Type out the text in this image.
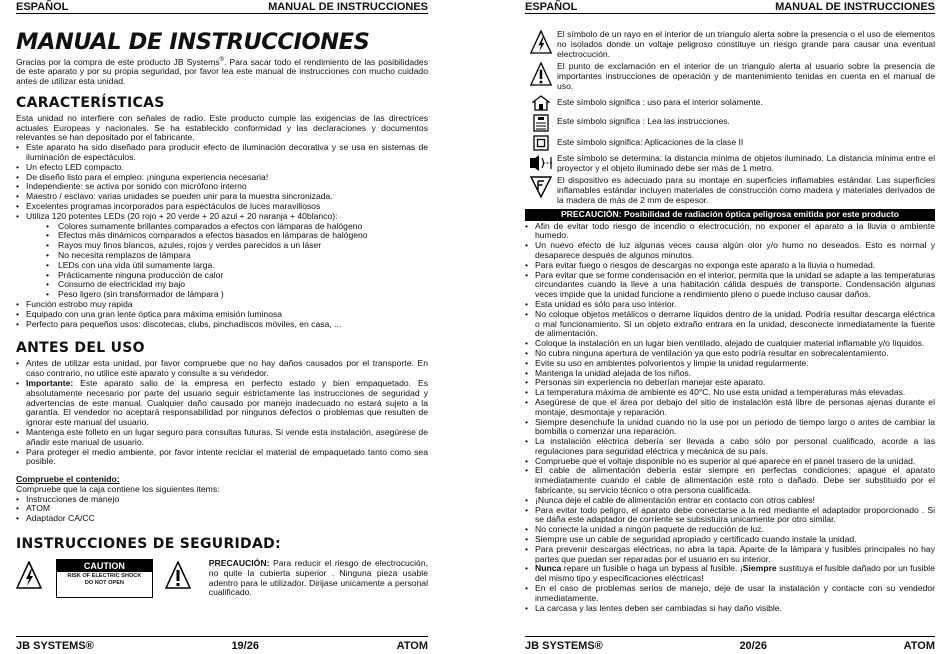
ESPAÑOL	MANUAL DE INSTRUCCIONES
MANUAL DE INSTRUCCIONES

Gracias por la compra de este producto JB Systems®. Para sacar todo el rendimiento de las posibilidades de este aparato y por su propia seguridad, por favor lea este manual de instrucciones con mucho cuidado antes de utilizar esta unidad.

CARACTERÍSTICAS

Esta unidad no interfiere con señales de radio. Este producto cumple las exigencias de las directrices actuales Europeas y nacionales. Se ha establecido conformidad y las declaraciones y documentos relevantes se han depositado por el fabricante.

• Este aparato ha sido diseñado para producir efecto de iluminación decorativa y se usa en sistemas de iluminación de espectáculos.
• Un efecto LED compacto.
• De diseño listo para el empleo: ¡ninguna experiencia necesaria!
• Independiente: se activa por sonido con micrófono interno
• Maestro / esclavo: varias unidades se pueden unir para la muestra sincronizada.
• Excelentes programas incorporados para espectáculos de luces maravillosos
• Utiliza 120 potentes LEDs (20 rojo + 20 verde + 20 azul + 20 naranja + 40blanco):
• Colores sumamente brillantes comparados a efectos con lámparas de halógeno
• Efectos más dinámicos comparados a efectos basados en lámparas de halógeno
• Rayos muy finos blancos, azules, rojos y verdes parecidos a un láser
• No necesita remplazos de lámpara
• LEDs con una vida útil sumamente larga.
• Prácticamente ninguna producción de calor
• Consumo de electricidad my bajo
• Peso ligero (sin transformador de lámpara )
• Función estrobo muy rapida
• Equipado con una gran lente óptica para máxima emisión luminosa
• Perfecto para pequeños usos: discotecas, clubs, pinchadiscos móviles, en casa, ...
ANTES DEL USO
• Antes de utilizar esta unidad, por favor compruebe que no hay daños causados por el transporte. En caso contrario, no utilice este aparato y consulte a su vendedor.
• Importante: Este aparato salio de la empresa en perfecto estado y bien empaquetado. Es absolutamente necesario por parte del usuario seguir estrictamente las instrucciones de seguridad y advertencias de este manual. Cualquier daño causado por manejo inadecuado no estará sujeto a la garantía. El vendedor no aceptará responsabilidad por ningunos defectos o problemas que resulten de ignorar este manual del usuario.
• Mantenga este folleto en un lugar seguro para consultas futuras. Si vende esta instalación, asegúrese de añadir este manual de usuario.
• Para proteger el medio ambiente, por favor intente reciclar el material de empaquetado tanto como sea posible.

Compruebe el contenido:

Compruebe que la caja contiene los siguientes items:

• Instrucciones de manejo
• ATOM
• Adaptador CA/CC
INSTRUCCIONES DE SEGURIDAD:
CAUTION
RISK OF ELECTRIC SHOCK
DO NOT OPEN

PRECAUCIÓN: Para reducir el riesgo de electrocución, no quite la cubierta superior . Ninguna pieza usable adentro para le utilizador. Dirijase unicamente a personal cualificado.

JB SYSTEMS®	19/26	ATOM
ESPAÑOL	MANUAL DE INSTRUCCIONES
El símbolo de un rayo en el interior de un triangulo alerta sobre la presencia o el uso de elementos no isolados donde un voltaje peligroso constituye un riesgo grande para causar una eventual electrocución.
El punto de exclamación en el interior de un triangulo alerta al usuario sobre la presencia de importantes instrucciones de operación y de mantenimiento tenidas en cuenta en el manual de uso.
Este símbolo significa : uso para el interior solamente.
Este símbolo significa : Lea las instrucciones.
Este símbolo significa: Aplicaciones de la clase II
Este símbolo se determina: la distancia mínima de objetos iluminado. La distancia minima entre el proyector y el objeto iluminado debe ser más de 1 metro.
El dispositivo es adecuado para su montaje en superficies inflamables estándar. Las superficies inflamables estándar incluyen materiales de construcción como madera y materiales derivados de la madera de más de 2 mm de espesor.
PRECAUCIÓN: Posibilidad de radiación óptica peligrosa emitida por este producto
• Afin de evitar todo riesgo de incendio o electrocución, no exponer el aparato a la lluvia o ambiente humedo.
• Un nuevo efecto de luz algunas veces causa algún olor y/o humo no deseados. Esto es normal y desaparece después de algunos minutos.
• Para evitar fuego o riesgos de descargas no exponga este aparato a la lluvia o humedad.
• Para evitar que se forme condensación en el interior, permita que la unidad se adapte a las temperaturas circundantes cuando la lleve a una habitación cálida después de transporte. Condensación algunas veces impide que la unidad funcione a rendimiento pleno o puede incluso causar daños.
• Esta unidad es sólo para uso interior.
• No coloque objetos metálicos o derrame líquidos dentro de la unidad. Podría resultar descarga eléctrica o mal funcionamiento. Si un objeto extraño entrara en la unidad, desconecte inmediatamente la fuente de alimentación.
• Coloque la instalación en un lugar bien ventilado, alejado de cualquier material inflamable y/o líquidos.
• No cubra ninguna apertura de ventilación ya que esto podría resultar en sobrecalentamiento.
• Evite su uso en ambientes polvorientos y limpie la unidad regularmente.
• Mantenga la unidad alejada de los niños.
• Personas sin experiencia no deberían manejar este aparato.
• La temperatura máxima de ambiente es 40°C. No use esta unidad a temperaturas más elevadas.
• Asegúrese de que el área por debajo del sitio de instalación está libre de personas ajenas durante el montaje, desmontaje y reparación.
• Siempre desenchufe la unidad cuando no la use por un periodo de tiempo largo o antes de cambiar la bombilla o comenzar una reparación.
• La instalación eléctrica debería ser llevada a cabo sólo por personal cualificado, acorde a las regulaciones para seguridad eléctrica y mecánica de su país.
• Compruebe que el voltaje disponible no es superior al que aparece en el panel trasero de la unidad.
• El cable de alimentación debería estar siempre en perfectas condiciones: apague el aparato inmediatamente cuando el cable de alimentación esté roto o dañado. Debe ser substituido por el fabricante, su servicio técnico o otra persona cualificada.
• ¡Nunca deje el cable de alimentación entrar en contacto con otros cables!
• Para evitar todo peligro, el aparato debe conectarse a la red mediante el adaptador proporcionado . Si se daña este adaptador de corriente se subsistuira unicamente por otro similar.
• No conecte la unidad a ningún paquete de reducción de luz.
• Siempre use un cable de seguridad apropiado y certificado cuando instale la unidad.
• Para prevenir descargas eléctricas, no abra la tapa. Aparte de la lámpara y fusibles principales no hay partes que puedan ser reparadas por el usuario en su interior.
• Nunca repare un fusible o haga un bypass al fusible. ¡Siempre sustituya el fusible dañado por un fusible del mismo tipo y especificaciones eléctricas!
• En el caso de problemas serios de manejo, deje de usar la instalación y contacte con su vendedor inmediatamente.
• La carcasa y las lentes deben ser cambiadas si hay daño visible.
JB SYSTEMS®	20/26	ATOM
